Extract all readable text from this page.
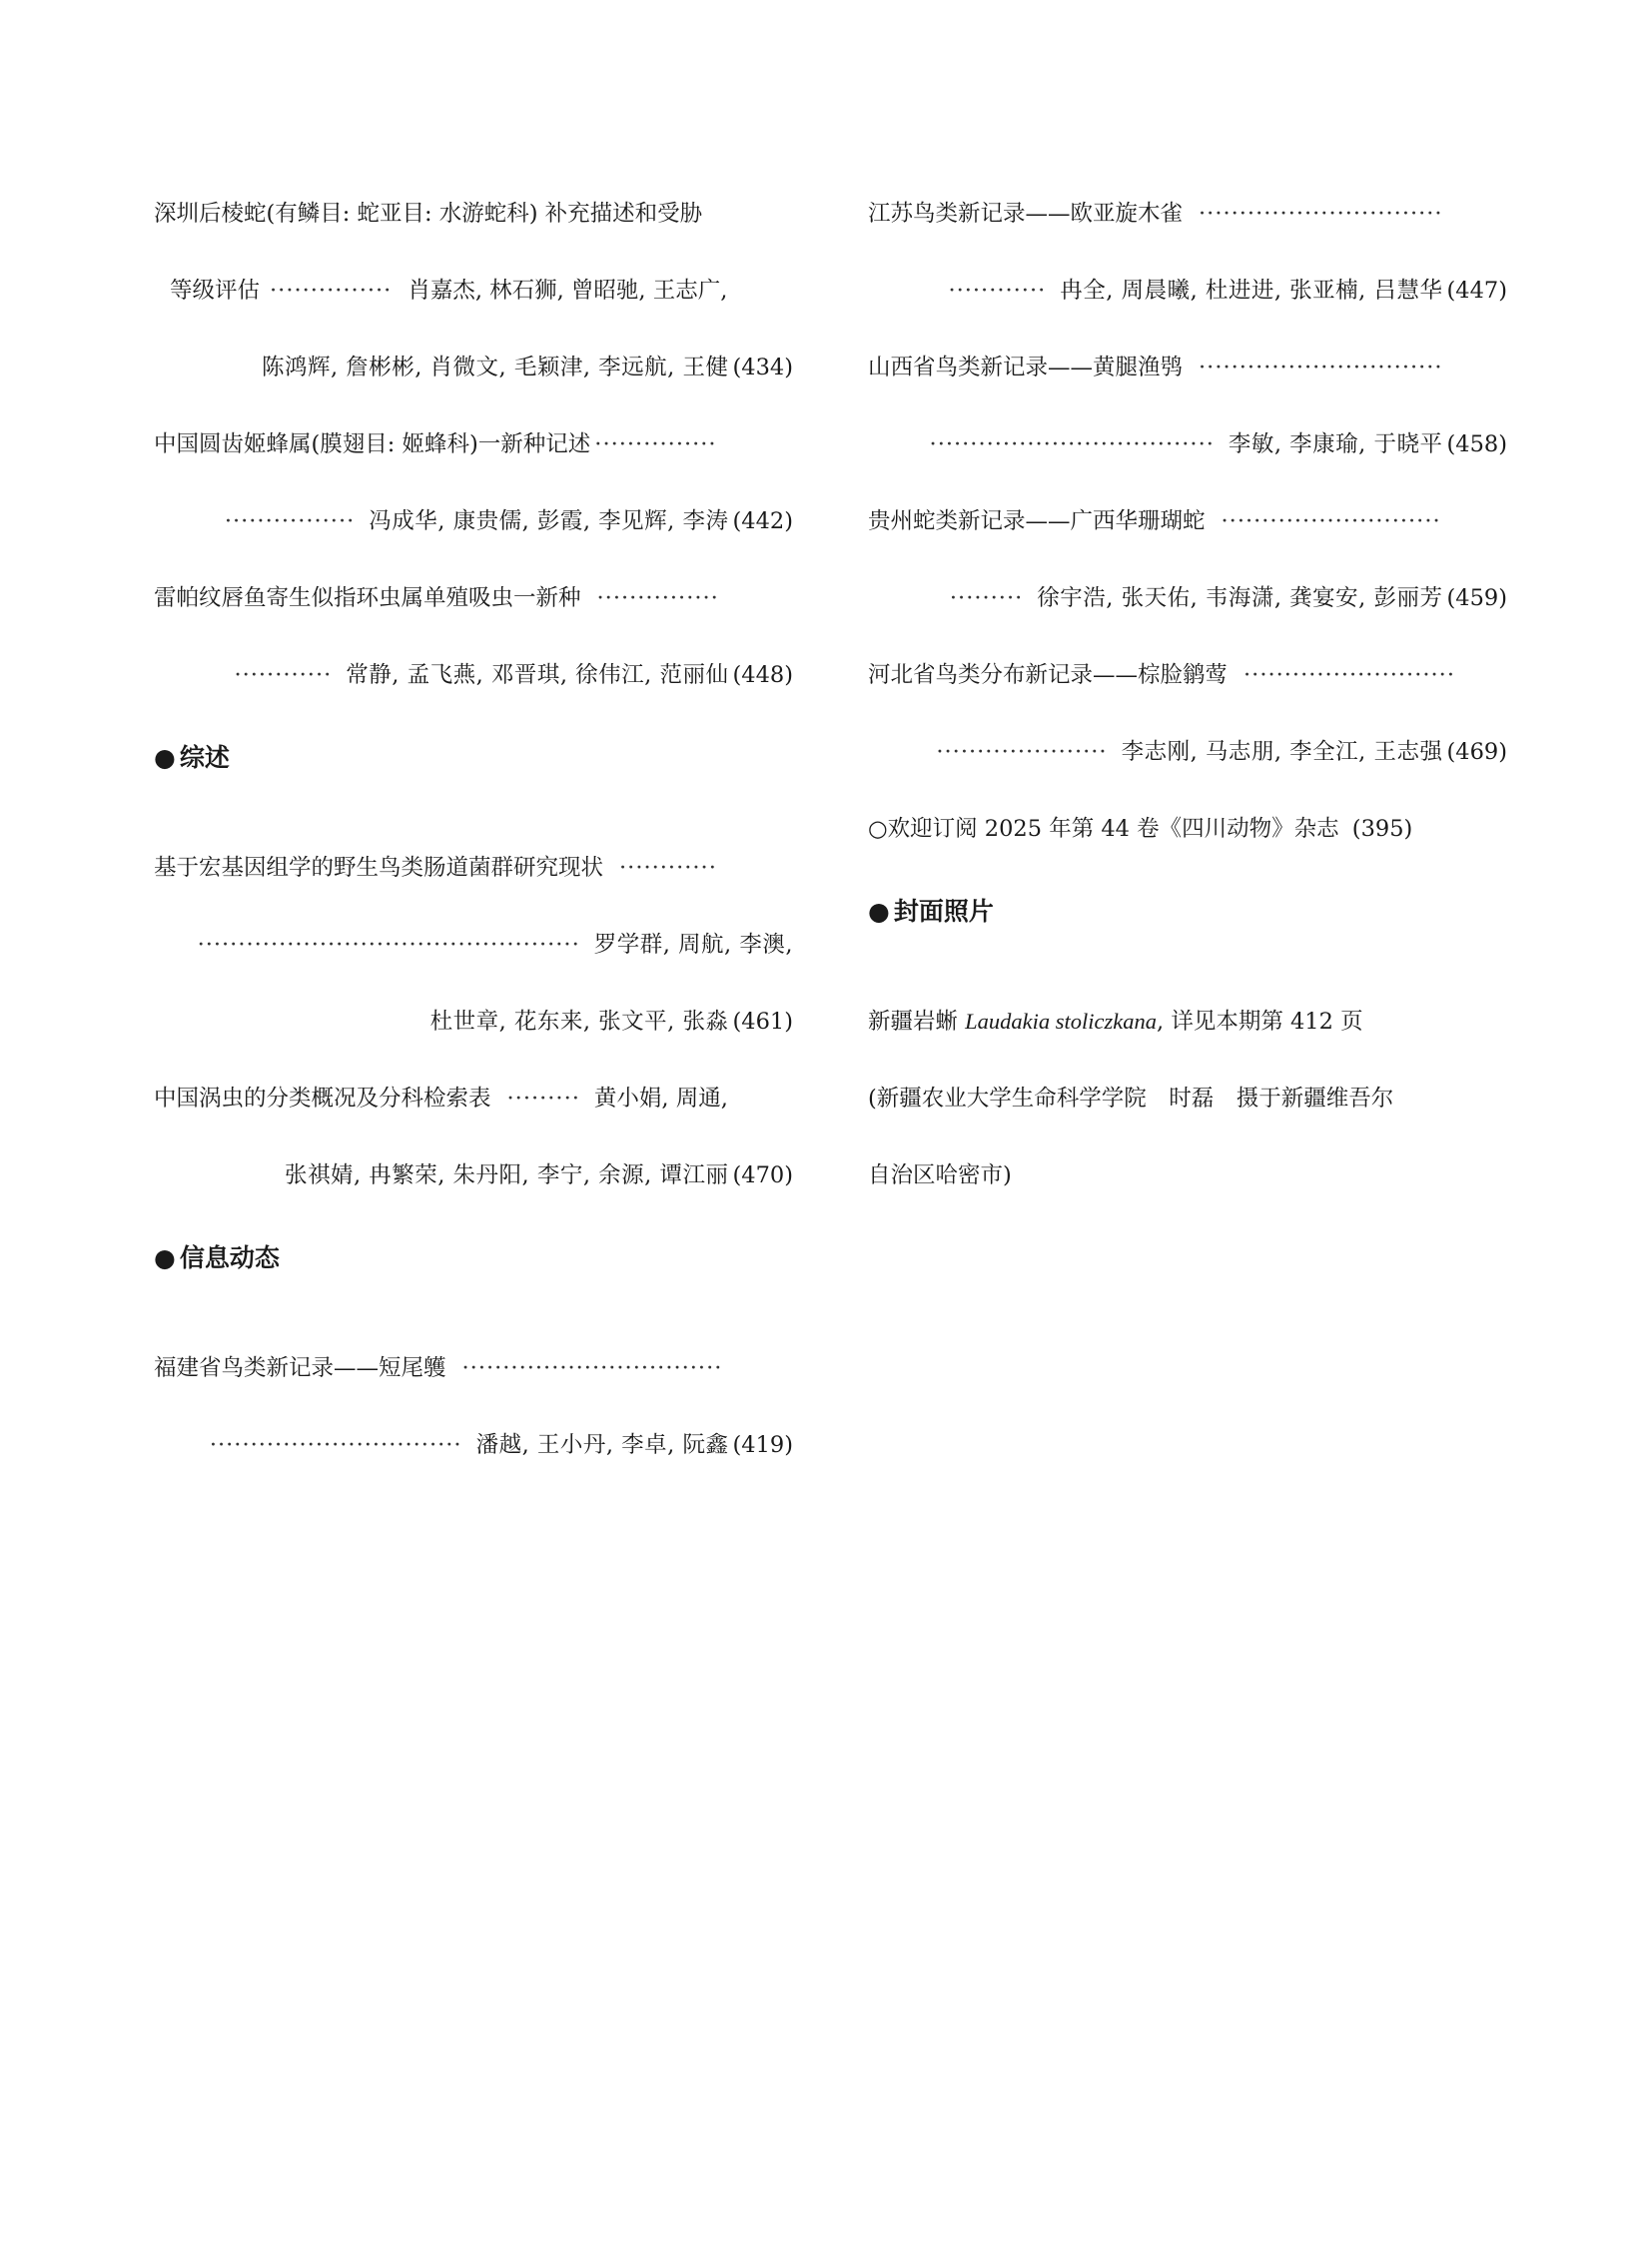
深圳后棱蛇(有鳞目: 蛇亚目: 水游蛇科) 补充描述和受胁
等级评估 ··············· 肖嘉杰, 林石狮, 曾昭驰, 王志广,
陈鸿辉, 詹彬彬, 肖微文, 毛颖津, 李远航, 王健 (434)
中国圆齿姬蜂属(膜翅目: 姬蜂科)一新种记述 ···············
················ 冯成华, 康贵儒, 彭霞, 李见辉, 李涛 (442)
雷帕纹唇鱼寄生似指环虫属单殖吸虫一新种 ···············
············ 常静, 孟飞燕, 邓晋琪, 徐伟江, 范丽仙 (448)
● 综述
基于宏基因组学的野生鸟类肠道菌群研究现状 ············
··············································· 罗学群, 周航, 李澳,
杜世章, 花东来, 张文平, 张淼 (461)
中国涡虫的分类概况及分科检索表 ········· 黄小娟, 周通,
张祺婧, 冉繁荣, 朱丹阳, 李宁, 余源, 谭江丽 (470)
● 信息动态
福建省鸟类新记录——短尾鹱 ································
······························· 潘越, 王小丹, 李卓, 阮鑫 (419)
江苏鸟类新记录——欧亚旋木雀 ······························
············ 冉全, 周晨曦, 杜进进, 张亚楠, 吕慧华 (447)
山西省鸟类新记录——黄腿渔鸮 ······························
··································· 李敏, 李康瑜, 于晓平 (458)
贵州蛇类新记录——广西华珊瑚蛇 ···························
········· 徐宇浩, 张天佑, 韦海潇, 龚宴安, 彭丽芳 (459)
河北省鸟类分布新记录——棕脸鹟莺 ··························
····················· 李志刚, 马志朋, 李全江, 王志强 (469)
○欢迎订阅 2025 年第 44 卷《四川动物》杂志 (395)
● 封面照片
新疆岩蜥 Laudakia stoliczkana, 详见本期第 412 页
(新疆农业大学生命科学学院　时磊　摄于新疆维吾尔
自治区哈密市)
